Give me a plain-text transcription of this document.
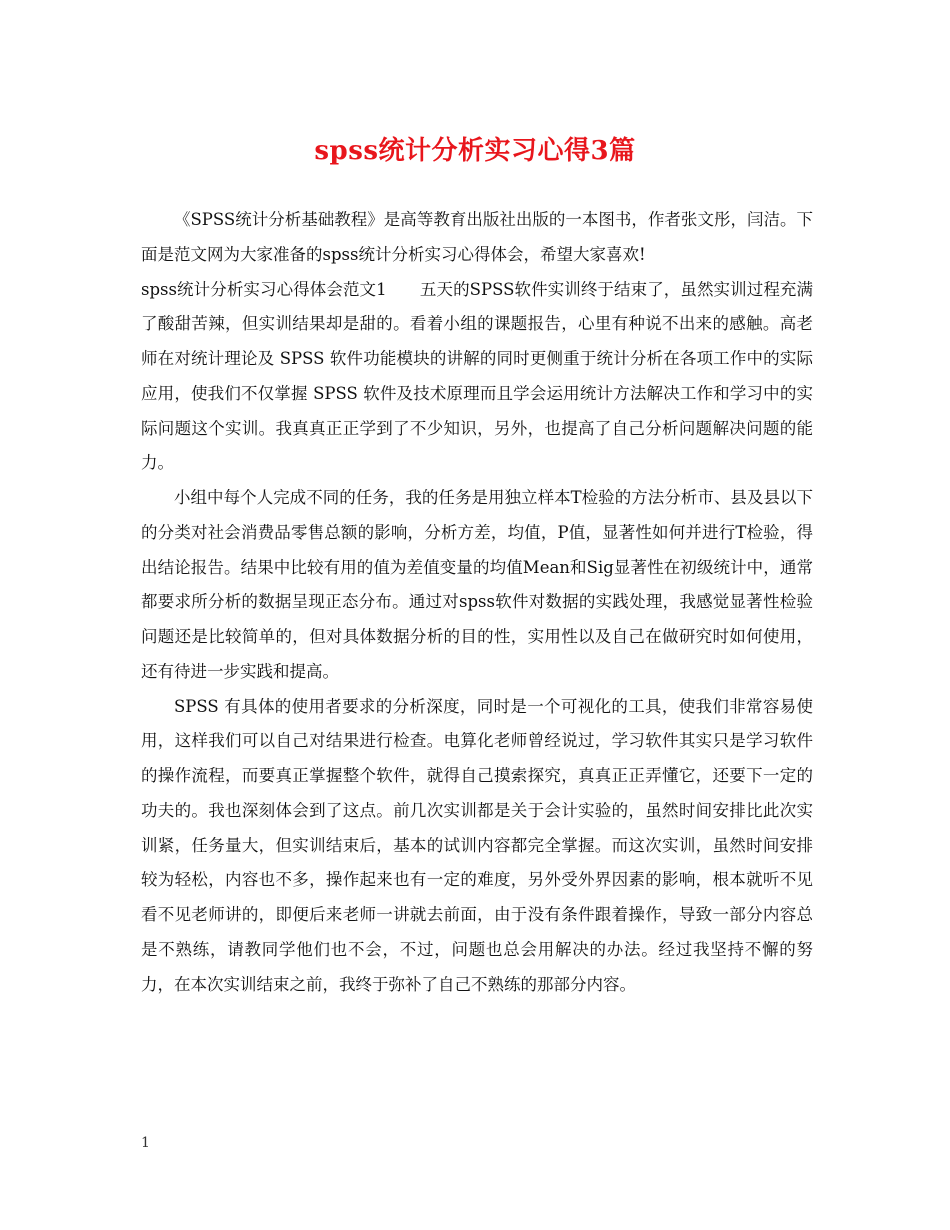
spss统计分析实习心得3篇

《SPSS统计分析基础教程》是高等教育出版社出版的一本图书，作者张文彤，闫洁。下面是范文网为大家准备的spss统计分析实习心得体会，希望大家喜欢!

spss统计分析实习心得体会范文1　　五天的SPSS软件实训终于结束了，虽然实训过程充满了酸甜苦辣，但实训结果却是甜的。看着小组的课题报告，心里有种说不出来的感触。高老师在对统计理论及 SPSS 软件功能模块的讲解的同时更侧重于统计分析在各项工作中的实际应用，使我们不仅掌握 SPSS 软件及技术原理而且学会运用统计方法解决工作和学习中的实际问题这个实训。我真真正正学到了不少知识，另外，也提高了自己分析问题解决问题的能力。

小组中每个人完成不同的任务，我的任务是用独立样本T检验的方法分析市、县及县以下的分类对社会消费品零售总额的影响，分析方差，均值，P值，显著性如何并进行T检验，得出结论报告。结果中比较有用的值为差值变量的均值Mean和Sig显著性在初级统计中，通常都要求所分析的数据呈现正态分布。通过对spss软件对数据的实践处理，我感觉显著性检验问题还是比较简单的，但对具体数据分析的目的性，实用性以及自己在做研究时如何使用，还有待进一步实践和提高。

SPSS 有具体的使用者要求的分析深度，同时是一个可视化的工具，使我们非常容易使用，这样我们可以自己对结果进行检查。电算化老师曾经说过，学习软件其实只是学习软件的操作流程，而要真正掌握整个软件，就得自己摸索探究，真真正正弄懂它，还要下一定的功夫的。我也深刻体会到了这点。前几次实训都是关于会计实验的，虽然时间安排比此次实训紧，任务量大，但实训结束后，基本的试训内容都完全掌握。而这次实训，虽然时间安排较为轻松，内容也不多，操作起来也有一定的难度，另外受外界因素的影响，根本就听不见看不见老师讲的，即便后来老师一讲就去前面，由于没有条件跟着操作，导致一部分内容总是不熟练，请教同学他们也不会，不过，问题也总会用解决的办法。经过我坚持不懈的努力，在本次实训结束之前，我终于弥补了自己不熟练的那部分内容。

1
